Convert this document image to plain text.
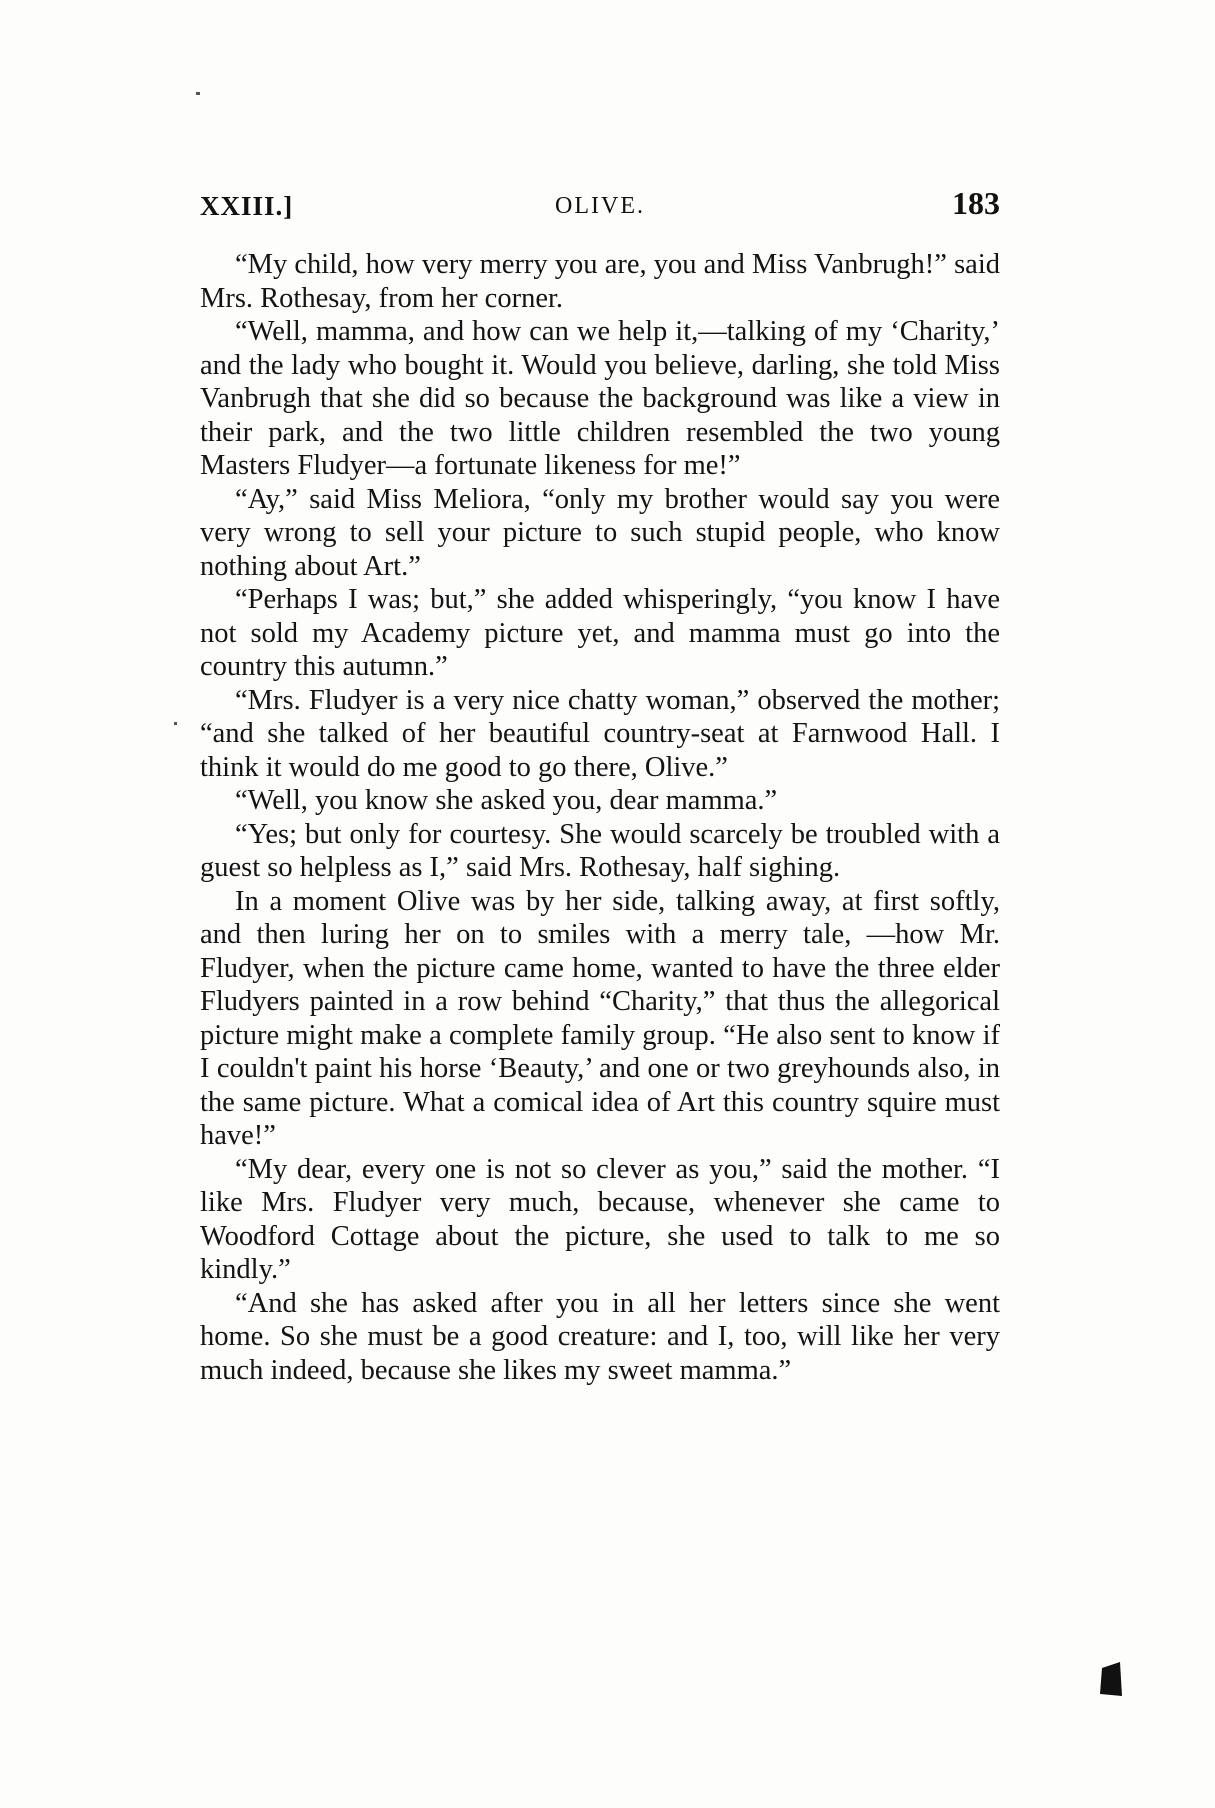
XXIII.]	OLIVE.	183

“My child, how very merry you are, you and Miss Vanbrugh!” said Mrs. Rothesay, from her corner.

“Well, mamma, and how can we help it,—talking of my ‘Charity,’ and the lady who bought it. Would you believe, darling, she told Miss Vanbrugh that she did so because the background was like a view in their park, and the two little children resembled the two young Masters Fludyer—a fortunate likeness for me!”

“Ay,” said Miss Meliora, “only my brother would say you were very wrong to sell your picture to such stupid people, who know nothing about Art.”

“Perhaps I was; but,” she added whisperingly, “you know I have not sold my Academy picture yet, and mamma must go into the country this autumn.”

“Mrs. Fludyer is a very nice chatty woman,” observed the mother; “and she talked of her beautiful country-seat at Farnwood Hall. I think it would do me good to go there, Olive.”

“Well, you know she asked you, dear mamma.”

“Yes; but only for courtesy. She would scarcely be troubled with a guest so helpless as I,” said Mrs. Rothesay, half sighing.

In a moment Olive was by her side, talking away, at first softly, and then luring her on to smiles with a merry tale, —how Mr. Fludyer, when the picture came home, wanted to have the three elder Fludyers painted in a row behind “Charity,” that thus the allegorical picture might make a complete family group. “He also sent to know if I couldn't paint his horse ‘Beauty,’ and one or two greyhounds also, in the same picture. What a comical idea of Art this country squire must have!”

“My dear, every one is not so clever as you,” said the mother. “I like Mrs. Fludyer very much, because, whenever she came to Woodford Cottage about the picture, she used to talk to me so kindly.”

“And she has asked after you in all her letters since she went home. So she must be a good creature: and I, too, will like her very much indeed, because she likes my sweet mamma.”
